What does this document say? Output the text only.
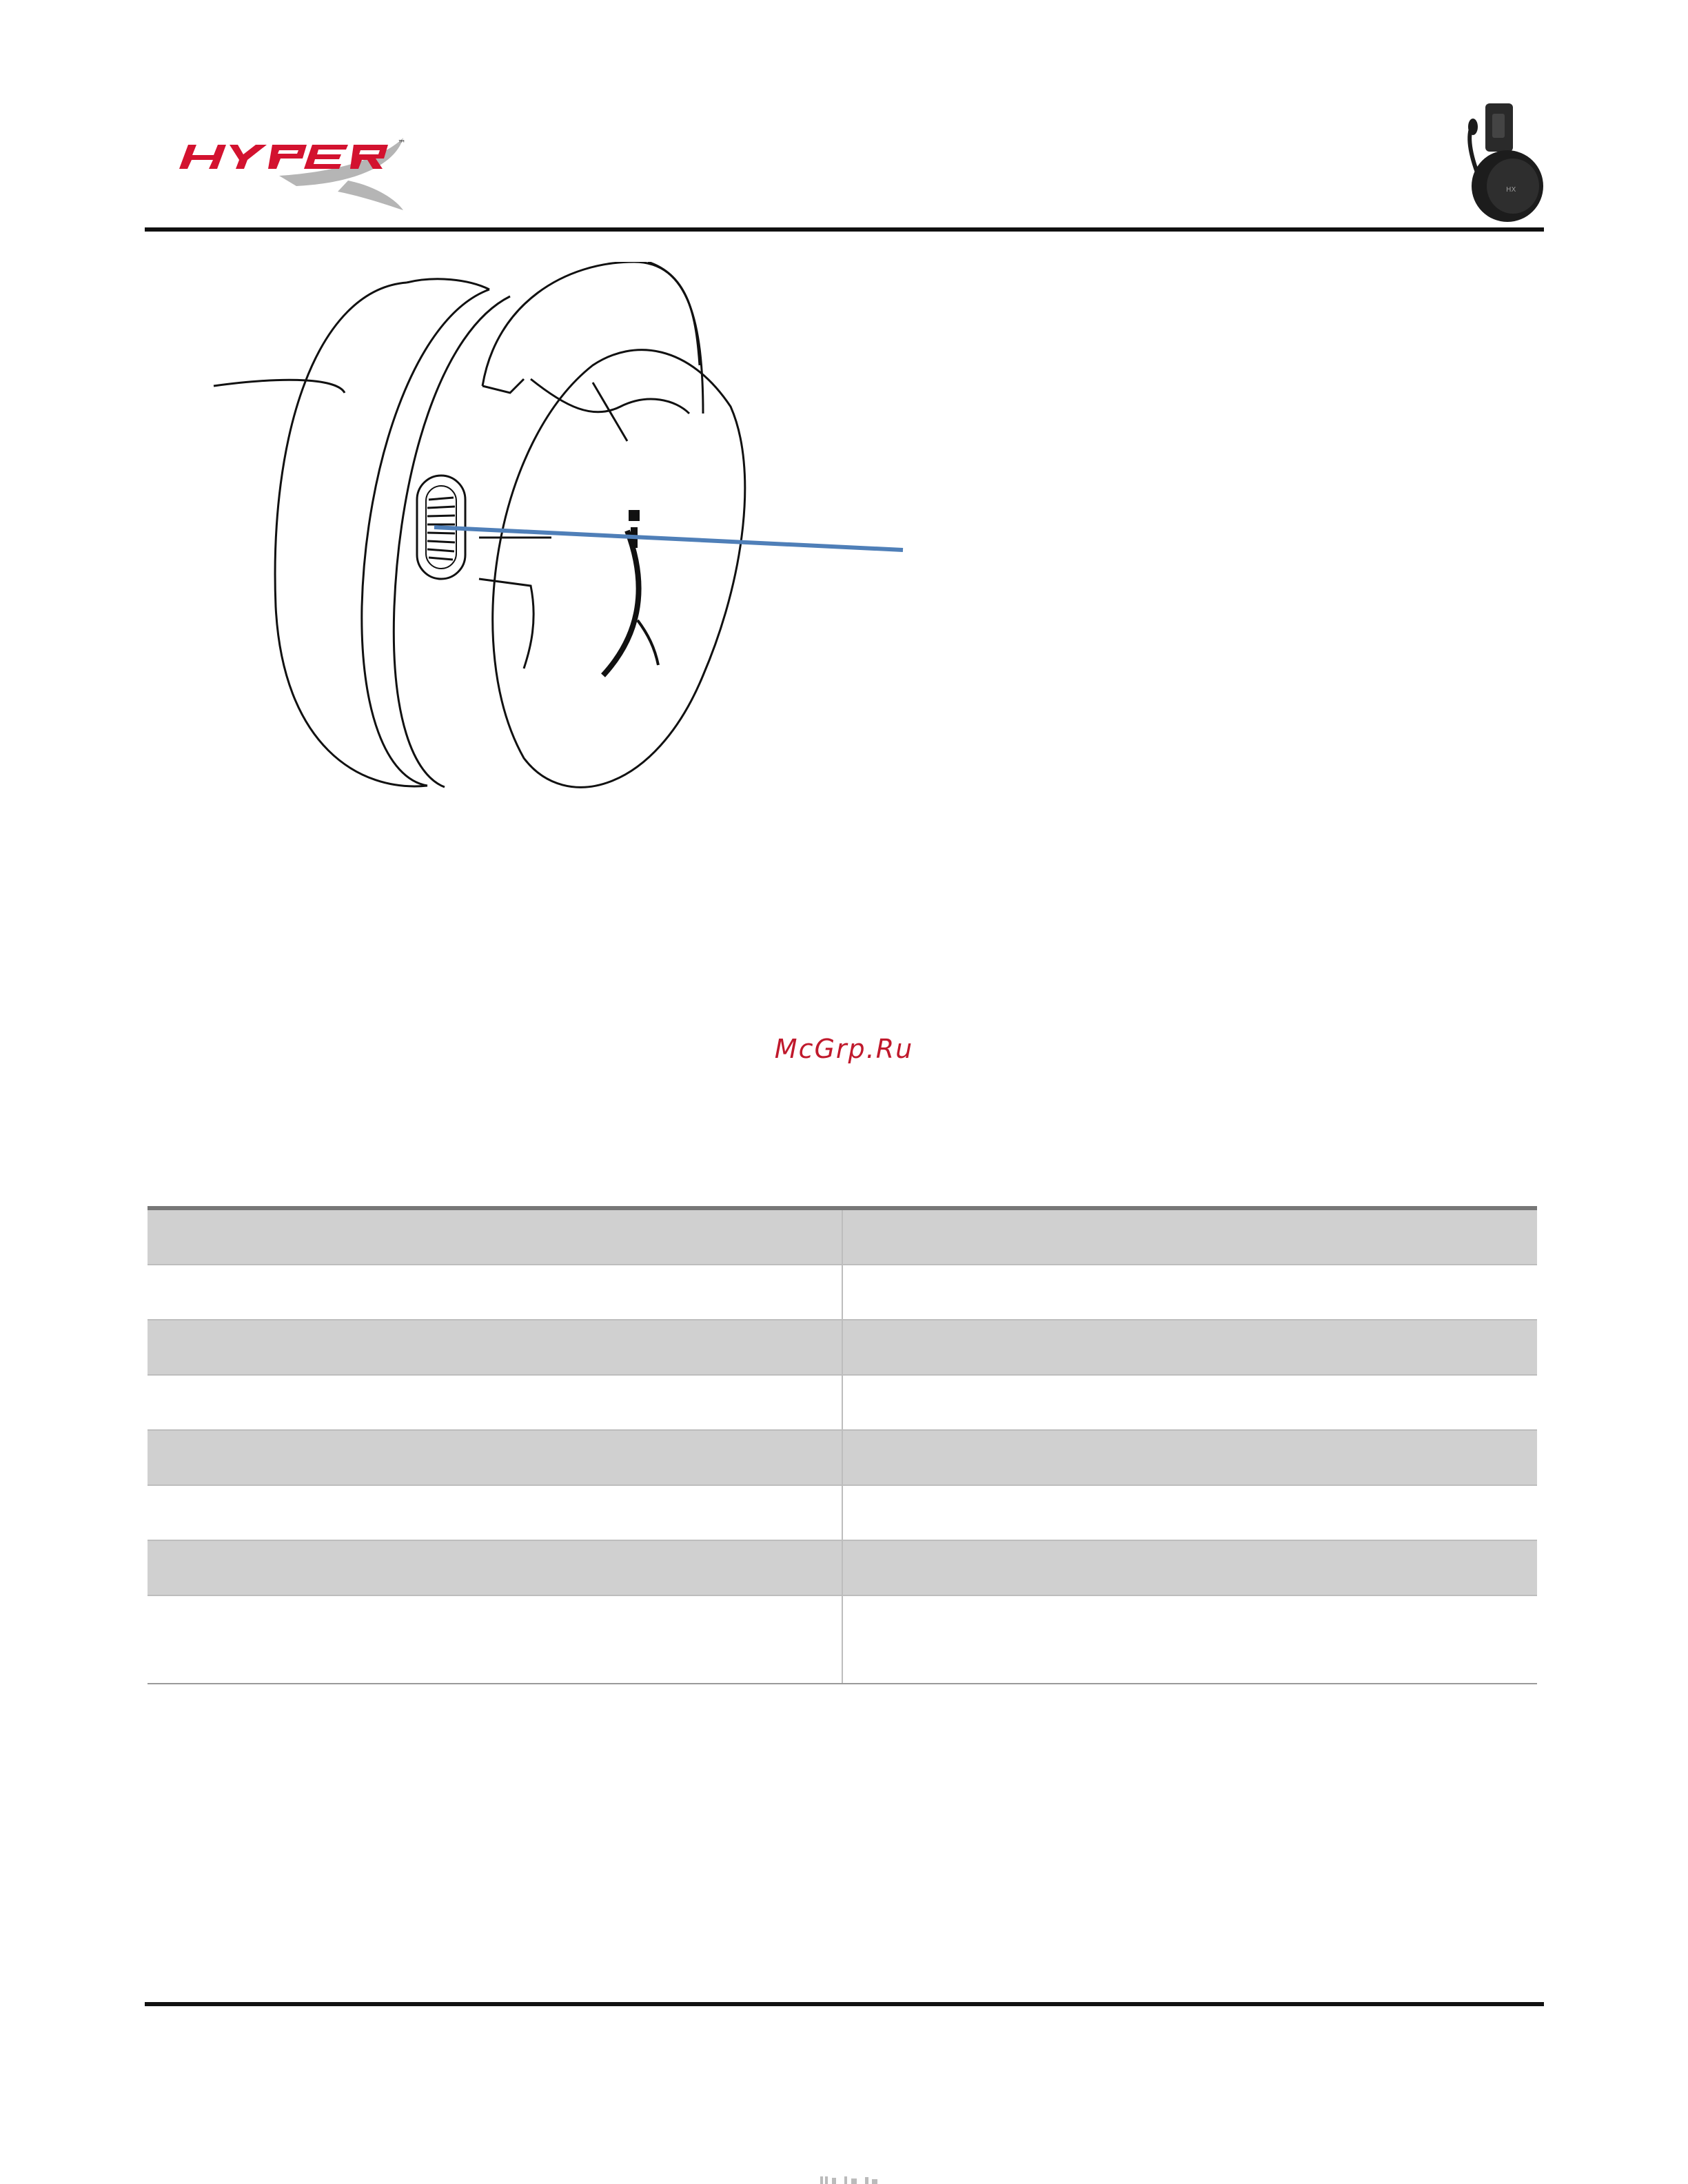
™
HX
McGrp.Ru
